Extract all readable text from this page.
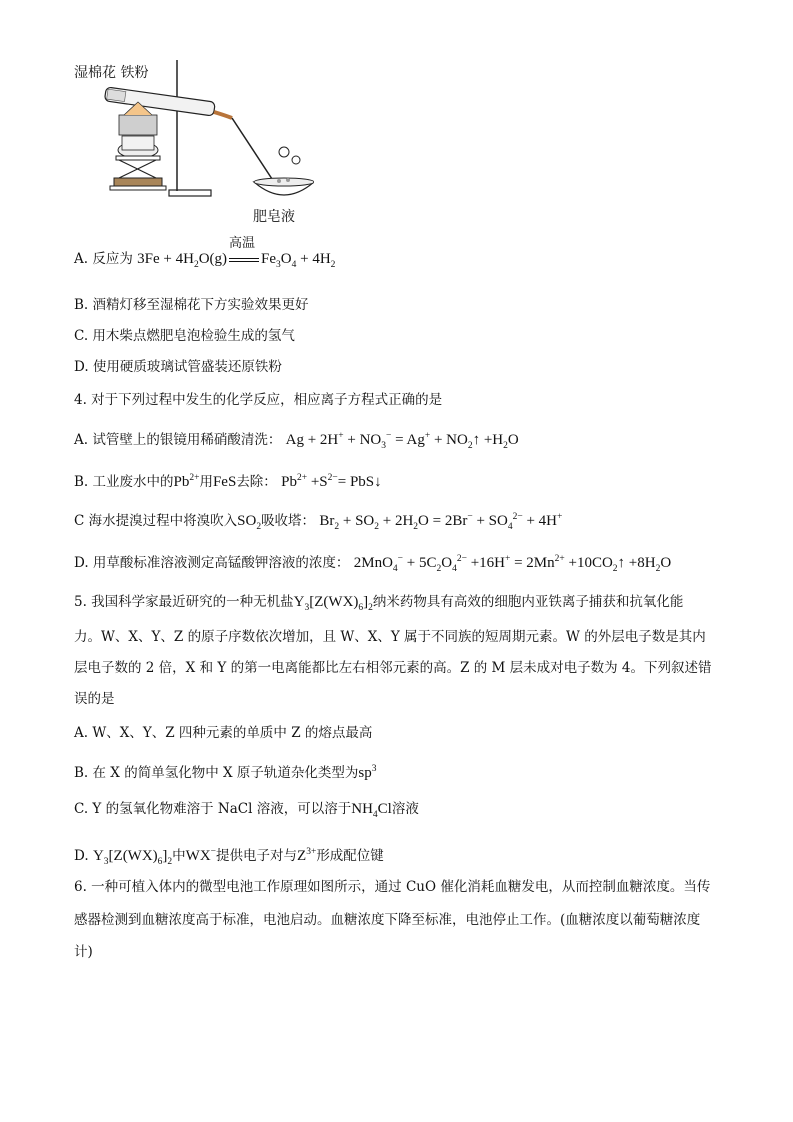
湿棉花 铁粉
肥皂液
A. 反应为 $3Fe + 4H_2O(g)$
高温
$Fe_3O_4 + 4H_2$
B. 酒精灯移至湿棉花下方实验效果更好
C. 用木柴点燃肥皂泡检验生成的氢气
D. 使用硬质玻璃试管盛装还原铁粉
4. 对于下列过程中发生的化学反应，相应离子方程式正确的是
A. 试管壁上的银镜用稀硝酸清洗： $Ag + 2H^+ + NO_3^- = Ag^+$ + $NO_2↑ +H_2O$
B. 工业废水中的$Pb^{2+}$用FeS去除： $Pb^{2+} +S^{2-}=$ PbS↓
C 海水提溴过程中将溴吹入$SO_2$吸收塔： $Br_2 + SO_2 + 2H_2O = 2Br^- + SO_4^{2-} + 4H^+$
D. 用草酸标准溶液测定高锰酸钾溶液的浓度： $2MnO_4^- + 5C_2O_4^{2-} +16H^+ = 2Mn^{2+}$ $+10CO_2↑ +8H_2O$
5. 我国科学家最近研究的一种无机盐$Y_3[Z(WX)_6]_2$纳米药物具有高效的细胞内亚铁离子捕获和抗氧化能
力。W、X、Y、Z 的原子序数依次增加，且 W、X、Y 属于不同族的短周期元素。W 的外层电子数是其内
层电子数的 2 倍，X 和 Y 的第一电离能都比左右相邻元素的高。Z 的 M 层未成对电子数为 4。下列叙述错
误的是
A. W、X、Y、Z 四种元素的单质中 Z 的熔点最高
B. 在 X 的简单氢化物中 X 原子轨道杂化类型为$sp^3$
C. Y 的氢氧化物难溶于 NaCl 溶液，可以溶于$NH_4Cl$溶液
D. $Y_3[Z(WX)_6]_2$中WX−提供电子对与$Z^{3+}$形成配位键
6. 一种可植入体内的微型电池工作原理如图所示，通过 CuO 催化消耗血糖发电，从而控制血糖浓度。当传
感器检测到血糖浓度高于标准，电池启动。血糖浓度下降至标准，电池停止工作。(血糖浓度以葡萄糖浓度
计)
